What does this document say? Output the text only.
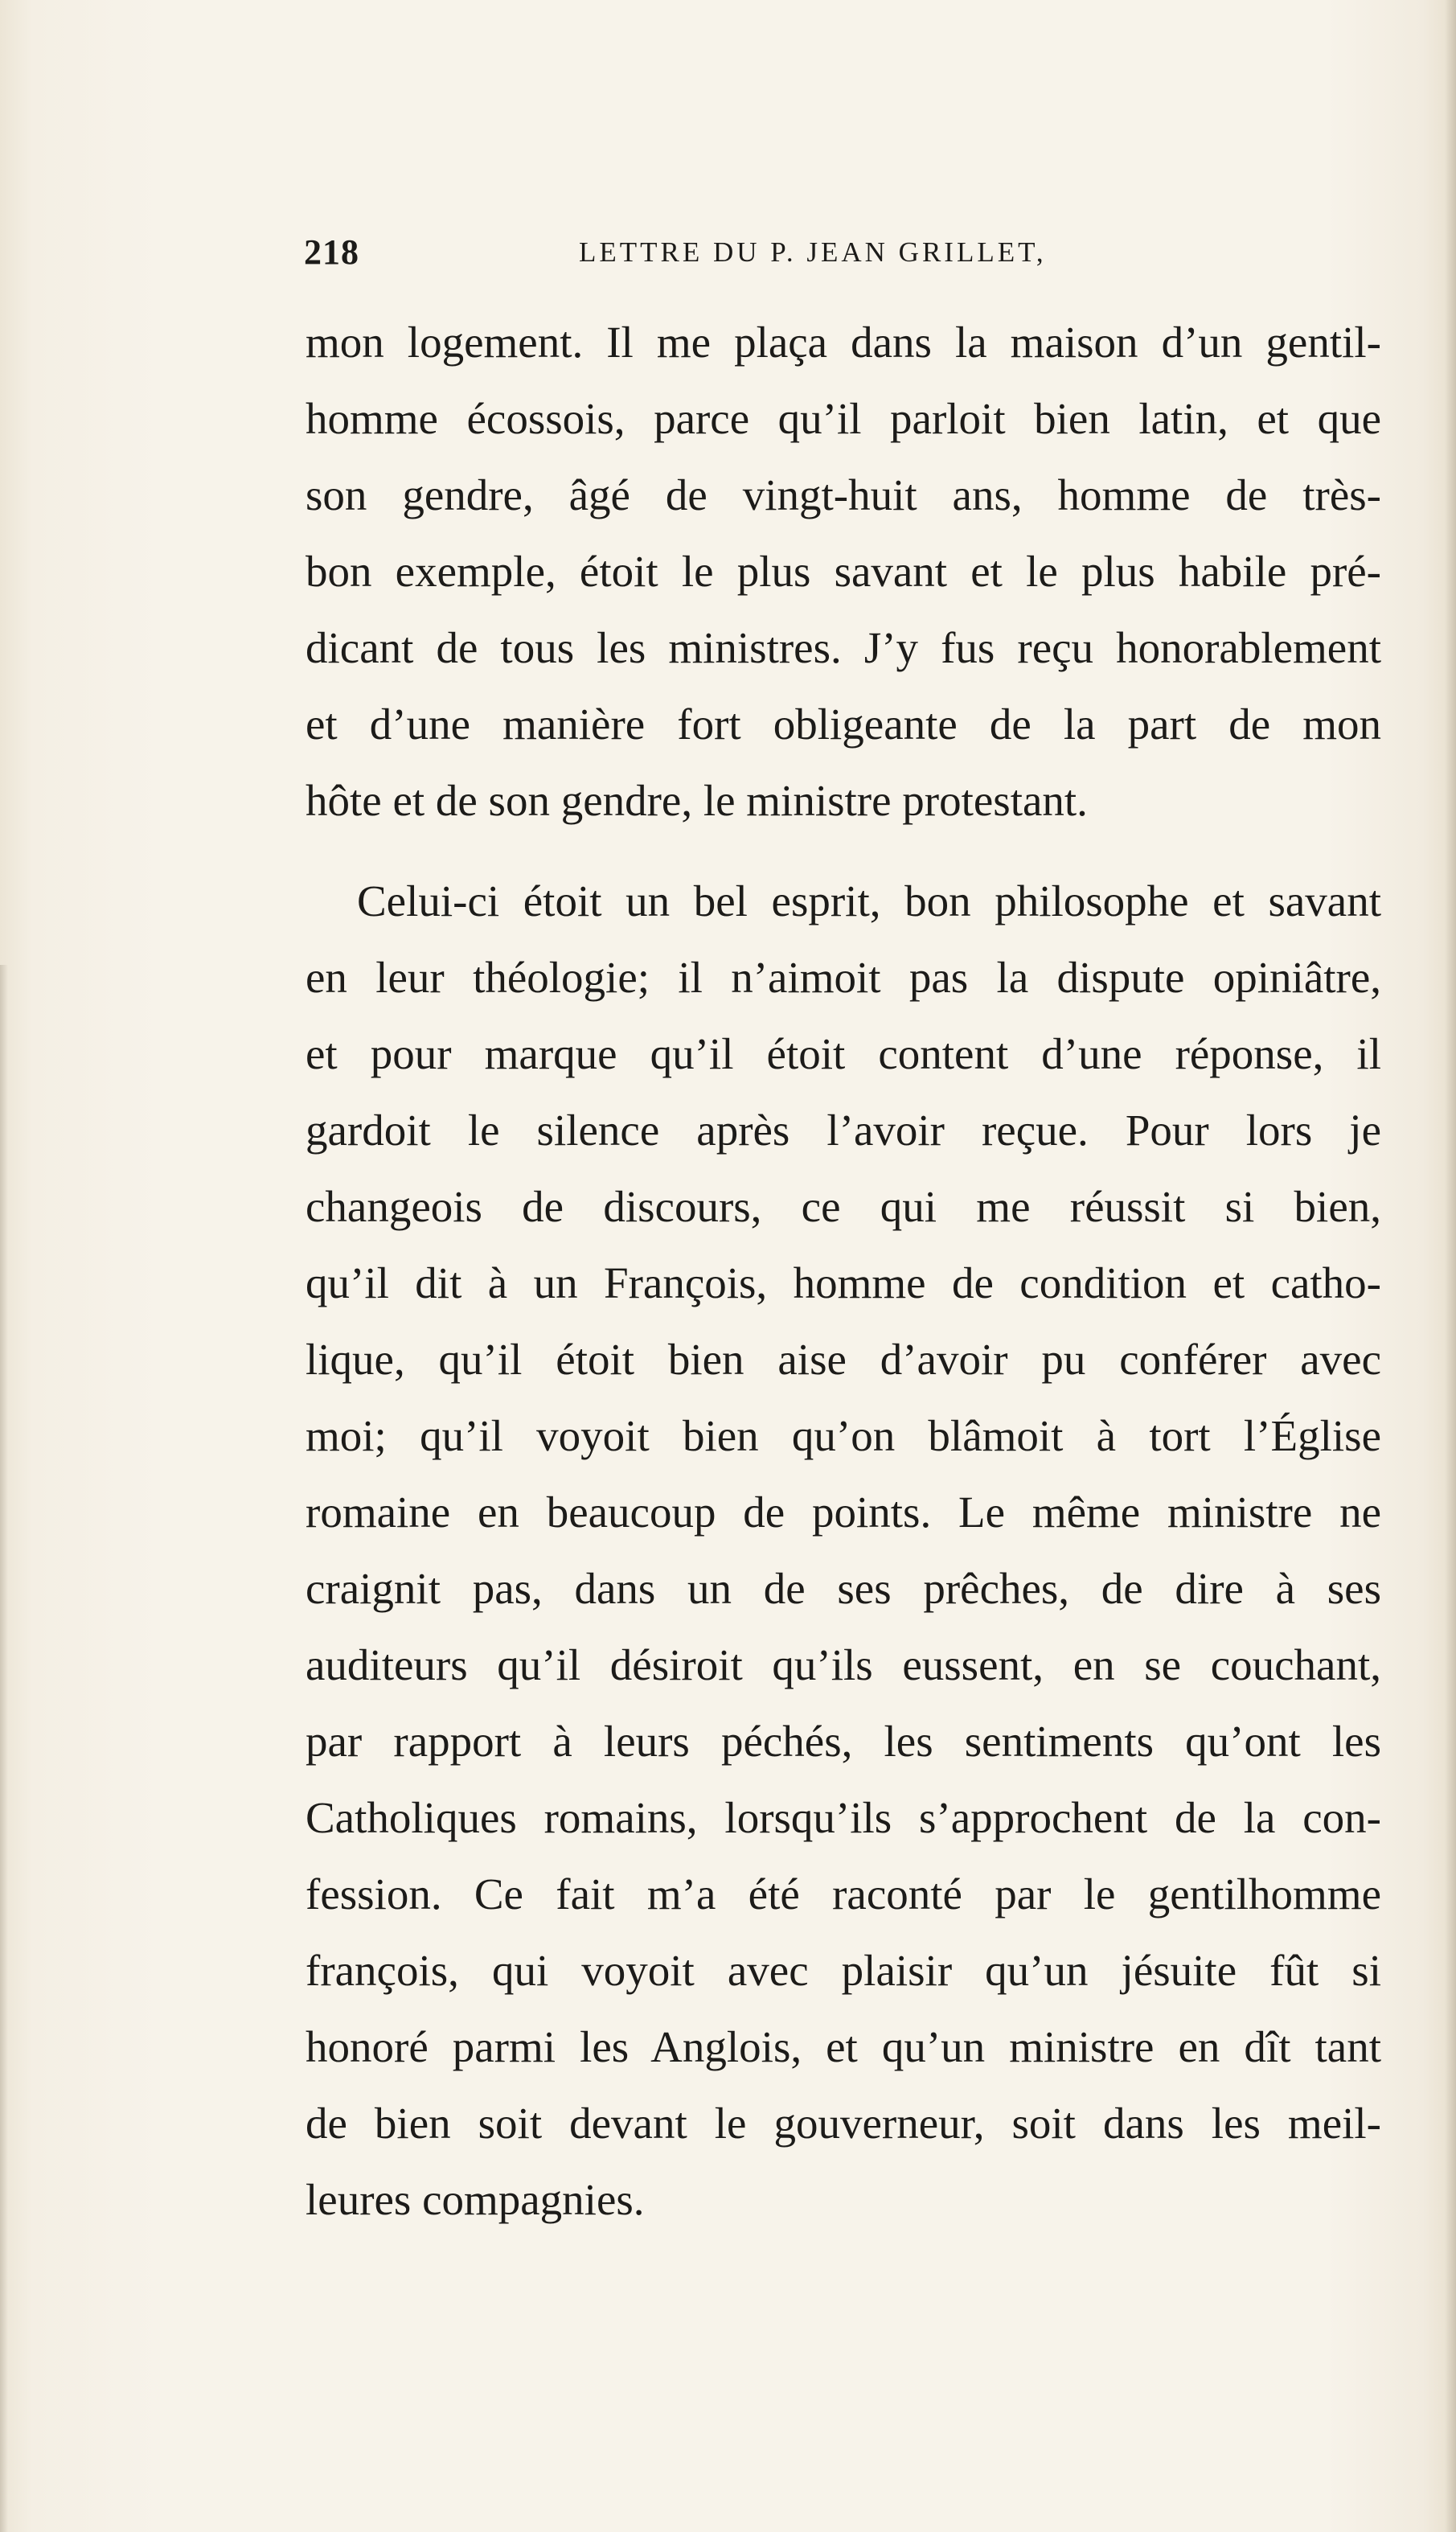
218	LETTRE DU P. JEAN GRILLET,
mon logement. Il me plaça dans la maison d’un gentil-
homme écossois, parce qu’il parloit bien latin, et que
son gendre, âgé de vingt-huit ans, homme de très-
bon exemple, étoit le plus savant et le plus habile pré-
dicant de tous les ministres. J’y fus reçu honorablement
et d’une manière fort obligeante de la part de mon
hôte et de son gendre, le ministre protestant.
Celui-ci étoit un bel esprit, bon philosophe et savant
en leur théologie; il n’aimoit pas la dispute opiniâtre,
et pour marque qu’il étoit content d’une réponse, il
gardoit le silence après l’avoir reçue. Pour lors je
changeois de discours, ce qui me réussit si bien,
qu’il dit à un François, homme de condition et catho-
lique, qu’il étoit bien aise d’avoir pu conférer avec
moi; qu’il voyoit bien qu’on blâmoit à tort l’Église
romaine en beaucoup de points. Le même ministre ne
craignit pas, dans un de ses prêches, de dire à ses
auditeurs qu’il désiroit qu’ils eussent, en se couchant,
par rapport à leurs péchés, les sentiments qu’ont les
Catholiques romains, lorsqu’ils s’approchent de la con-
fession. Ce fait m’a été raconté par le gentilhomme
françois, qui voyoit avec plaisir qu’un jésuite fût si
honoré parmi les Anglois, et qu’un ministre en dît tant
de bien soit devant le gouverneur, soit dans les meil-
leures compagnies.
